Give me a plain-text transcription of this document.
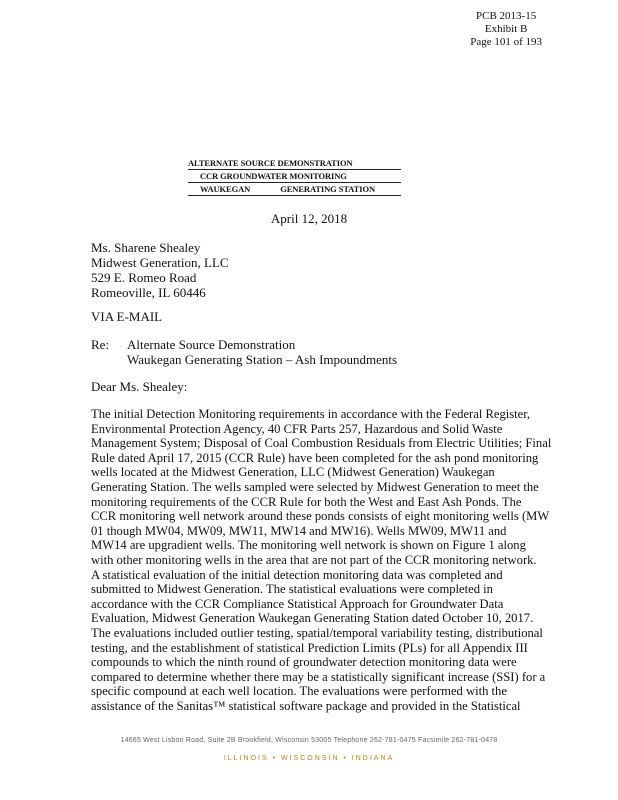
PCB 2013-15
Exhibit B
Page 101 of 193
ALTERNATE SOURCE DEMONSTRATION
CCR GROUNDWATER MONITORING
WAUKEGAN	GENERATING STATION
April 12, 2018
Ms. Sharene Shealey
Midwest Generation, LLC
529 E. Romeo Road
Romeoville, IL 60446
VIA E-MAIL
Re: Alternate Source Demonstration
Waukegan Generating Station – Ash Impoundments
Dear Ms. Shealey:
The initial Detection Monitoring requirements in accordance with the Federal Register,
Environmental Protection Agency, 40 CFR Parts 257, Hazardous and Solid Waste
Management System; Disposal of Coal Combustion Residuals from Electric Utilities; Final
Rule dated April 17, 2015 (CCR Rule) have been completed for the ash pond monitoring
wells located at the Midwest Generation, LLC (Midwest Generation) Waukegan
Generating Station. The wells sampled were selected by Midwest Generation to meet the
monitoring requirements of the CCR Rule for both the West and East Ash Ponds. The
CCR monitoring well network around these ponds consists of eight monitoring wells (MW
01 though MW04, MW09, MW11, MW14 and MW16). Wells MW09, MW11 and
MW14 are upgradient wells. The monitoring well network is shown on Figure 1 along
with other monitoring wells in the area that are not part of the CCR monitoring network.
A statistical evaluation of the initial detection monitoring data was completed and
submitted to Midwest Generation. The statistical evaluations were completed in
accordance with the CCR Compliance Statistical Approach for Groundwater Data
Evaluation, Midwest Generation Waukegan Generating Station dated October 10, 2017.
The evaluations included outlier testing, spatial/temporal variability testing, distributional
testing, and the establishment of statistical Prediction Limits (PLs) for all Appendix III
compounds to which the ninth round of groundwater detection monitoring data were
compared to determine whether there may be a statistically significant increase (SSI) for a
specific compound at each well location. The evaluations were performed with the
assistance of the Sanitas™ statistical software package and provided in the Statistical
14665 West Lisbon Road, Suite 2B Brookfield, Wisconsin 53005 Telephone 262-781-0475 Facsimile 262-781-0478
ILLINOIS • WISCONSIN • INDIANA
